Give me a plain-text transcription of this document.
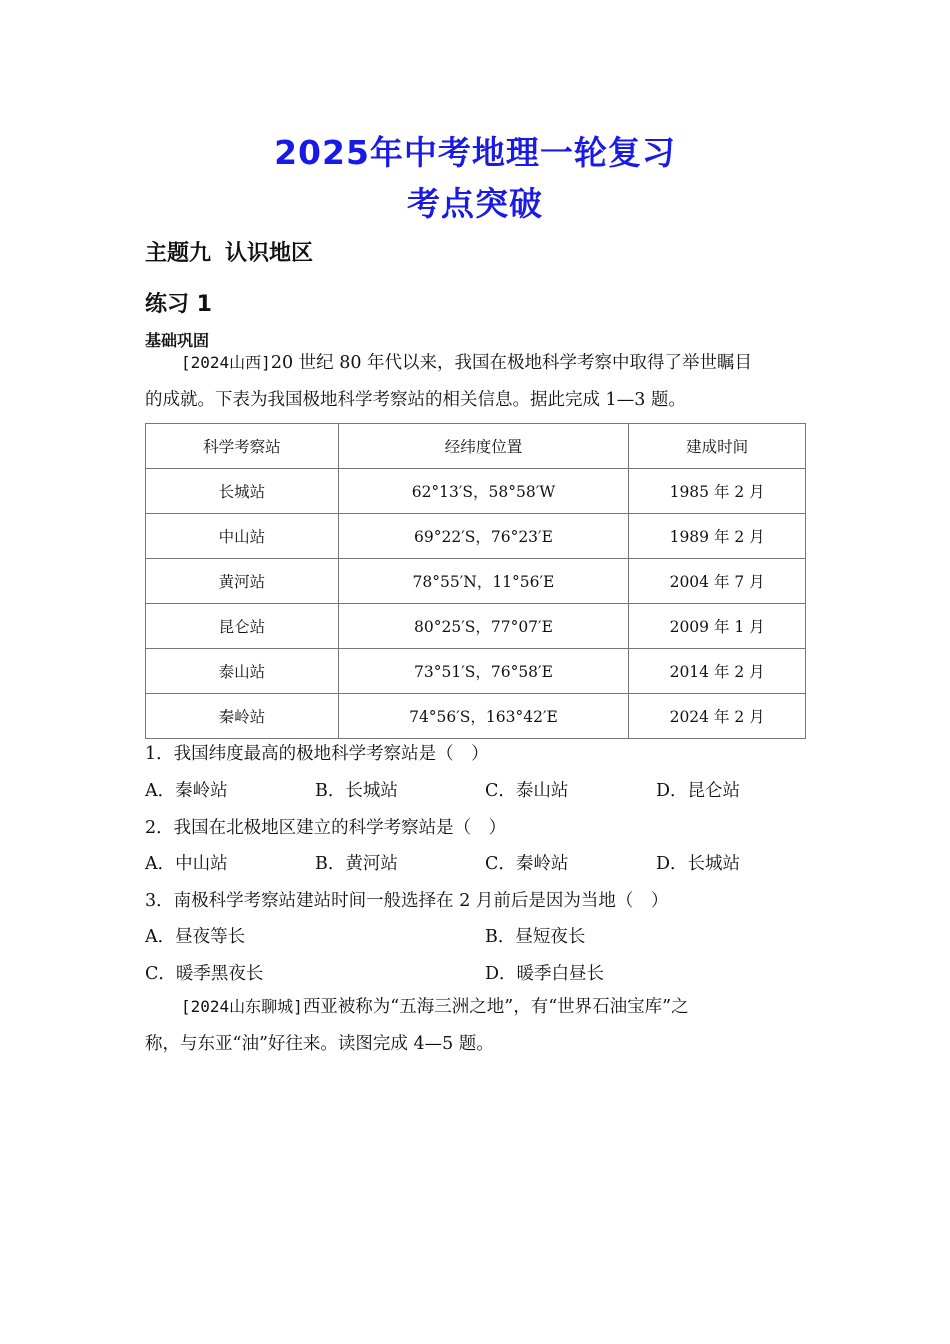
2025年中考地理一轮复习
考点突破
主题九 认识地区
练习 1
基础巩固
[2024山西]20 世纪 80 年代以来，我国在极地科学考察中取得了举世瞩目
的成就。下表为我国极地科学考察站的相关信息。据此完成 1—3 题。
科学考察站	经纬度位置	建成时间
长城站	62°13′S，58°58′W	1985 年 2 月
中山站	69°22′S，76°23′E	1989 年 2 月
黄河站	78°55′N，11°56′E	2004 年 7 月
昆仑站	80°25′S，77°07′E	2009 年 1 月
泰山站	73°51′S，76°58′E	2014 年 2 月
秦岭站	74°56′S，163°42′E	2024 年 2 月
1．我国纬度最高的极地科学考察站是（　）
A．秦岭站	B．长城站	C．泰山站	D．昆仑站
2．我国在北极地区建立的科学考察站是（　）
A．中山站	B．黄河站	C．秦岭站	D．长城站
3．南极科学考察站建站时间一般选择在 2 月前后是因为当地（　）
A．昼夜等长	B．昼短夜长
C．暖季黑夜长	D．暖季白昼长
[2024山东聊城]西亚被称为“五海三洲之地”，有“世界石油宝库”之
称，与东亚“油”好往来。读图完成 4—5 题。
